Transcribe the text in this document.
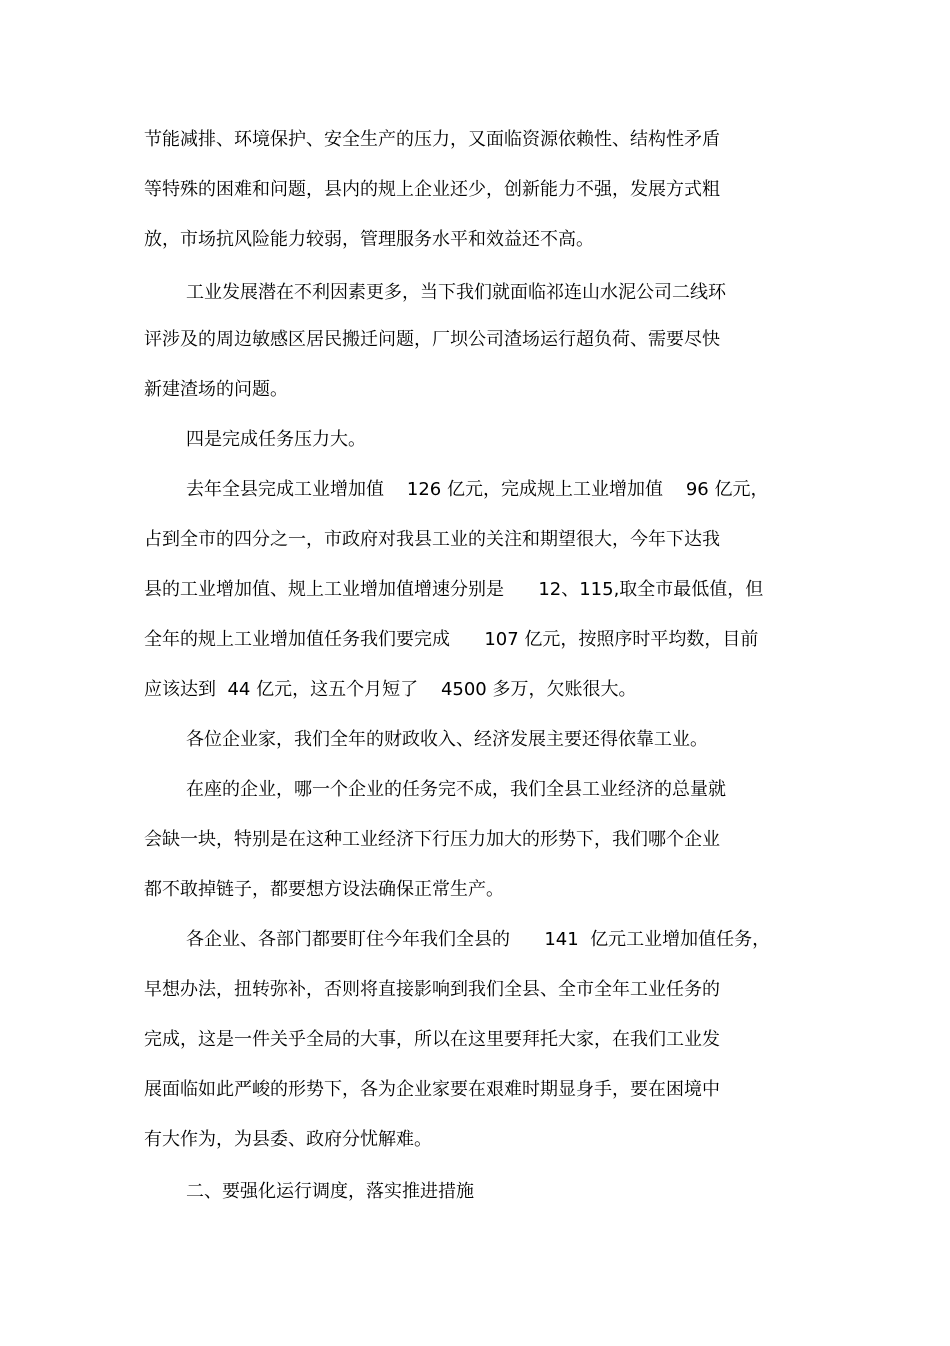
节能减排、环境保护、安全生产的压力，又面临资源依赖性、结构性矛盾
等特殊的困难和问题，县内的规上企业还少，创新能力不强，发展方式粗
放，市场抗风险能力较弱，管理服务水平和效益还不高。
工业发展潜在不利因素更多，当下我们就面临祁连山水泥公司二线环
评涉及的周边敏感区居民搬迁问题，厂坝公司渣场运行超负荷、需要尽快
新建渣场的问题。
四是完成任务压力大。
去年全县完成工业增加值    126 亿元，完成规上工业增加值    96 亿元，
占到全市的四分之一，市政府对我县工业的关注和期望很大，今年下达我
县的工业增加值、规上工业增加值增速分别是      12、115,取全市最低值，但
全年的规上工业增加值任务我们要完成      107 亿元，按照序时平均数，目前
应该达到  44 亿元，这五个月短了    4500 多万，欠账很大。
各位企业家，我们全年的财政收入、经济发展主要还得依靠工业。
在座的企业，哪一个企业的任务完不成，我们全县工业经济的总量就
会缺一块，特别是在这种工业经济下行压力加大的形势下，我们哪个企业
都不敢掉链子，都要想方设法确保正常生产。
各企业、各部门都要盯住今年我们全县的      141  亿元工业增加值任务，
早想办法，扭转弥补，否则将直接影响到我们全县、全市全年工业任务的
完成，这是一件关乎全局的大事，所以在这里要拜托大家，在我们工业发
展面临如此严峻的形势下，各为企业家要在艰难时期显身手，要在困境中
有大作为，为县委、政府分忧解难。
二、要强化运行调度，落实推进措施
